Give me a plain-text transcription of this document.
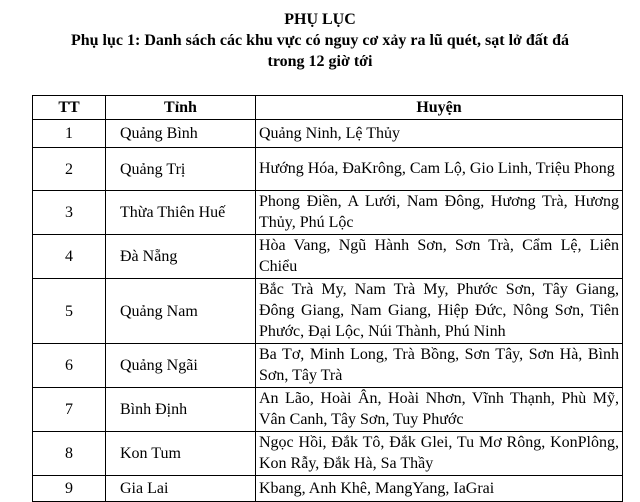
PHỤ LỤC
Phụ lục 1: Danh sách các khu vực có nguy cơ xảy ra lũ quét, sạt lở đất đá
trong 12 giờ tới
TT	Tỉnh	Huyện
1	Quảng Bình	Quảng Ninh, Lệ Thủy
2	Quảng Trị	Hướng Hóa, ĐaKrông, Cam Lộ, Gio Linh, Triệu Phong
3	Thừa Thiên Huế	Phong Điền, A Lưới, Nam Đông, Hương Trà, Hương Thủy, Phú Lộc
4	Đà Nẵng	Hòa Vang, Ngũ Hành Sơn, Sơn Trà, Cẩm Lệ, Liên Chiểu
5	Quảng Nam	Bắc Trà My, Nam Trà My, Phước Sơn, Tây Giang, Đông Giang, Nam Giang, Hiệp Đức, Nông Sơn, Tiên Phước, Đại Lộc, Núi Thành, Phú Ninh
6	Quảng Ngãi	Ba Tơ, Minh Long, Trà Bồng, Sơn Tây, Sơn Hà, Bình Sơn, Tây Trà
7	Bình Định	An Lão, Hoài Ân, Hoài Nhơn, Vĩnh Thạnh, Phù Mỹ, Vân Canh, Tây Sơn, Tuy Phước
8	Kon Tum	Ngọc Hồi, Đắk Tô, Đắk Glei, Tu Mơ Rông, KonPlông, Kon Rẫy, Đắk Hà, Sa Thầy
9	Gia Lai	Kbang, Anh Khê, MangYang, IaGrai
